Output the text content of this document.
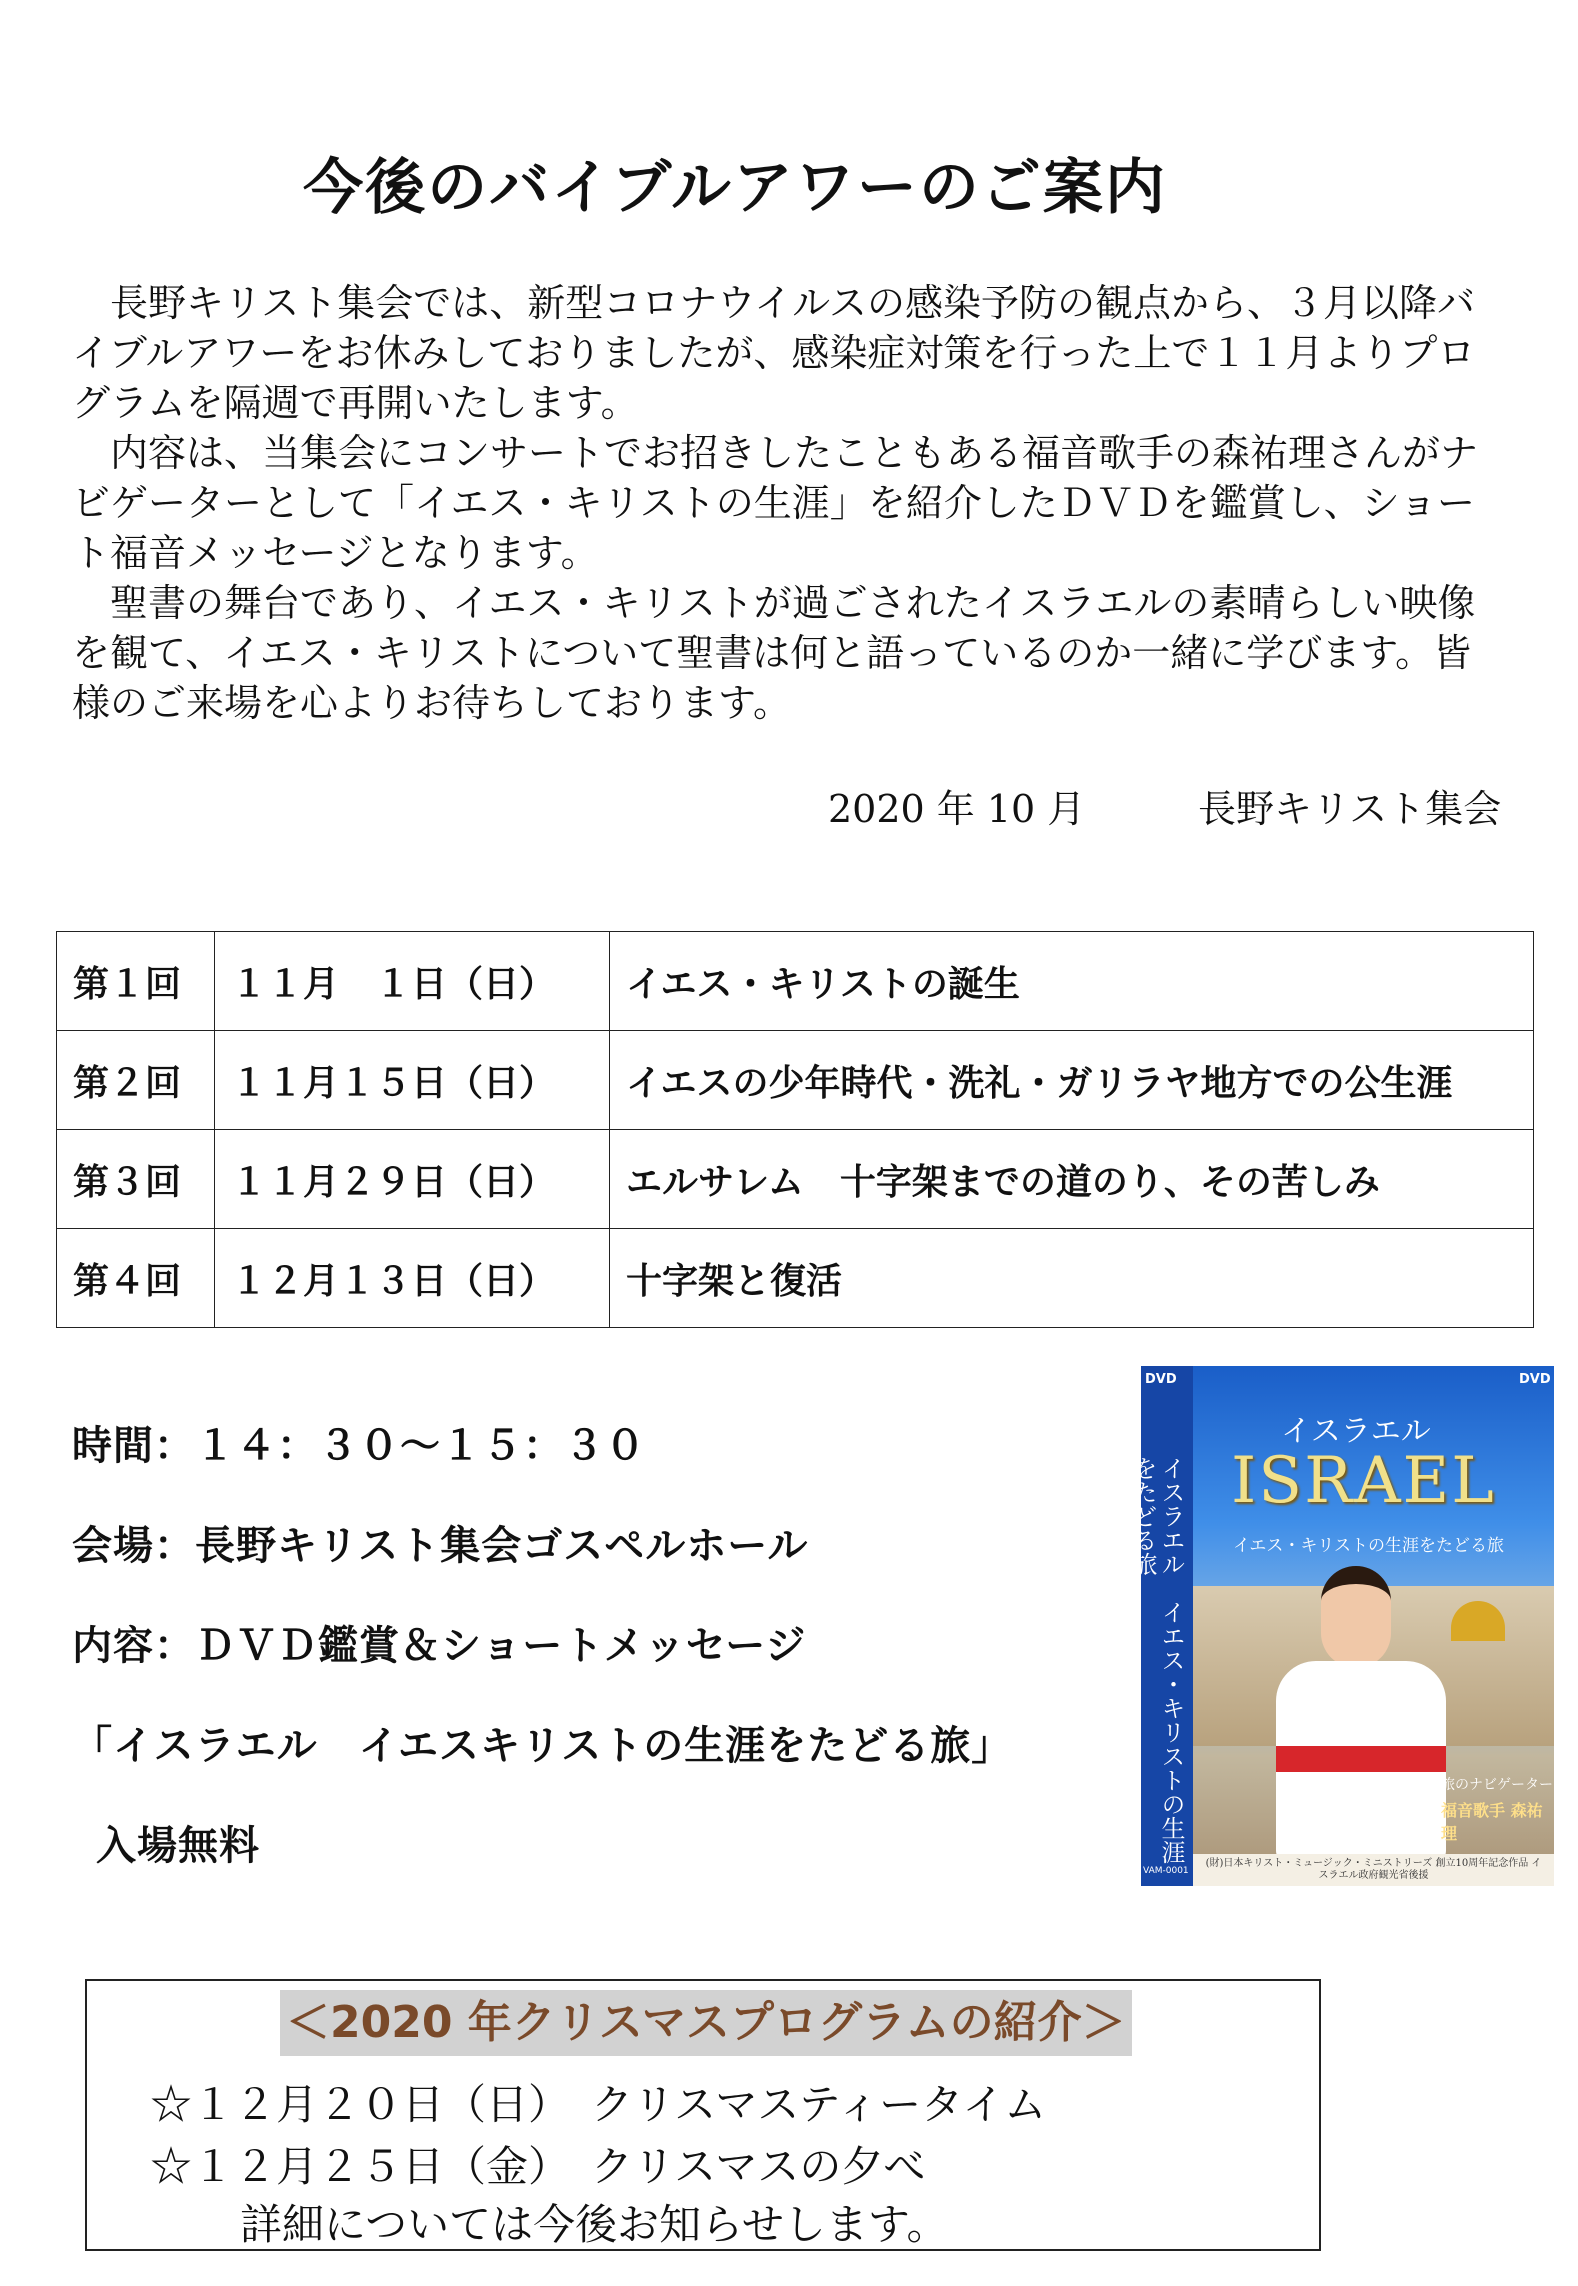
今後のバイブルアワーのご案内

長野キリスト集会では、新型コロナウイルスの感染予防の観点から、３月以降バイブルアワーをお休みしておりましたが、感染症対策を行った上で１１月よりプログラムを隔週で再開いたします。

内容は、当集会にコンサートでお招きしたこともある福音歌手の森祐理さんがナビゲーターとして「イエス・キリストの生涯」を紹介したＤＶＤを鑑賞し、ショート福音メッセージとなります。

聖書の舞台であり、イエス・キリストが過ごされたイスラエルの素晴らしい映像を観て、イエス・キリストについて聖書は何と語っているのか一緒に学びます。皆様のご来場を心よりお待ちしております。

2020 年 10 月	長野キリスト集会
第１回	１１月　１日（日）	イエス・キリストの誕生
第２回	１１月１５日（日）	イエスの少年時代・洗礼・ガリラヤ地方での公生涯
第３回	１１月２９日（日）	エルサレム　十字架までの道のり、その苦しみ
第４回	１２月１３日（日）	十字架と復活
時間：１４：３０～１５：３０
会場：長野キリスト集会ゴスペルホール
内容：ＤＶＤ鑑賞＆ショートメッセージ
「イスラエル　イエスキリストの生涯をたどる旅」
入場無料	イスラエル　イエス・キリストの生涯をたどる旅
DVD	DVD
イスラエル
ISRAEL
イエス・キリストの生涯をたどる旅
旅のナビゲーター
福音歌手 森祐理
(財)日本キリスト・ミュージック・ミニストリーズ 創立10周年記念作品 イスラエル政府観光省後援
VAM-0001
＜2020 年クリスマスプログラムの紹介＞
☆１２月２０日（日）　クリスマスティータイム
☆１２月２５日（金）　クリスマスの夕べ
詳細については今後お知らせします。
